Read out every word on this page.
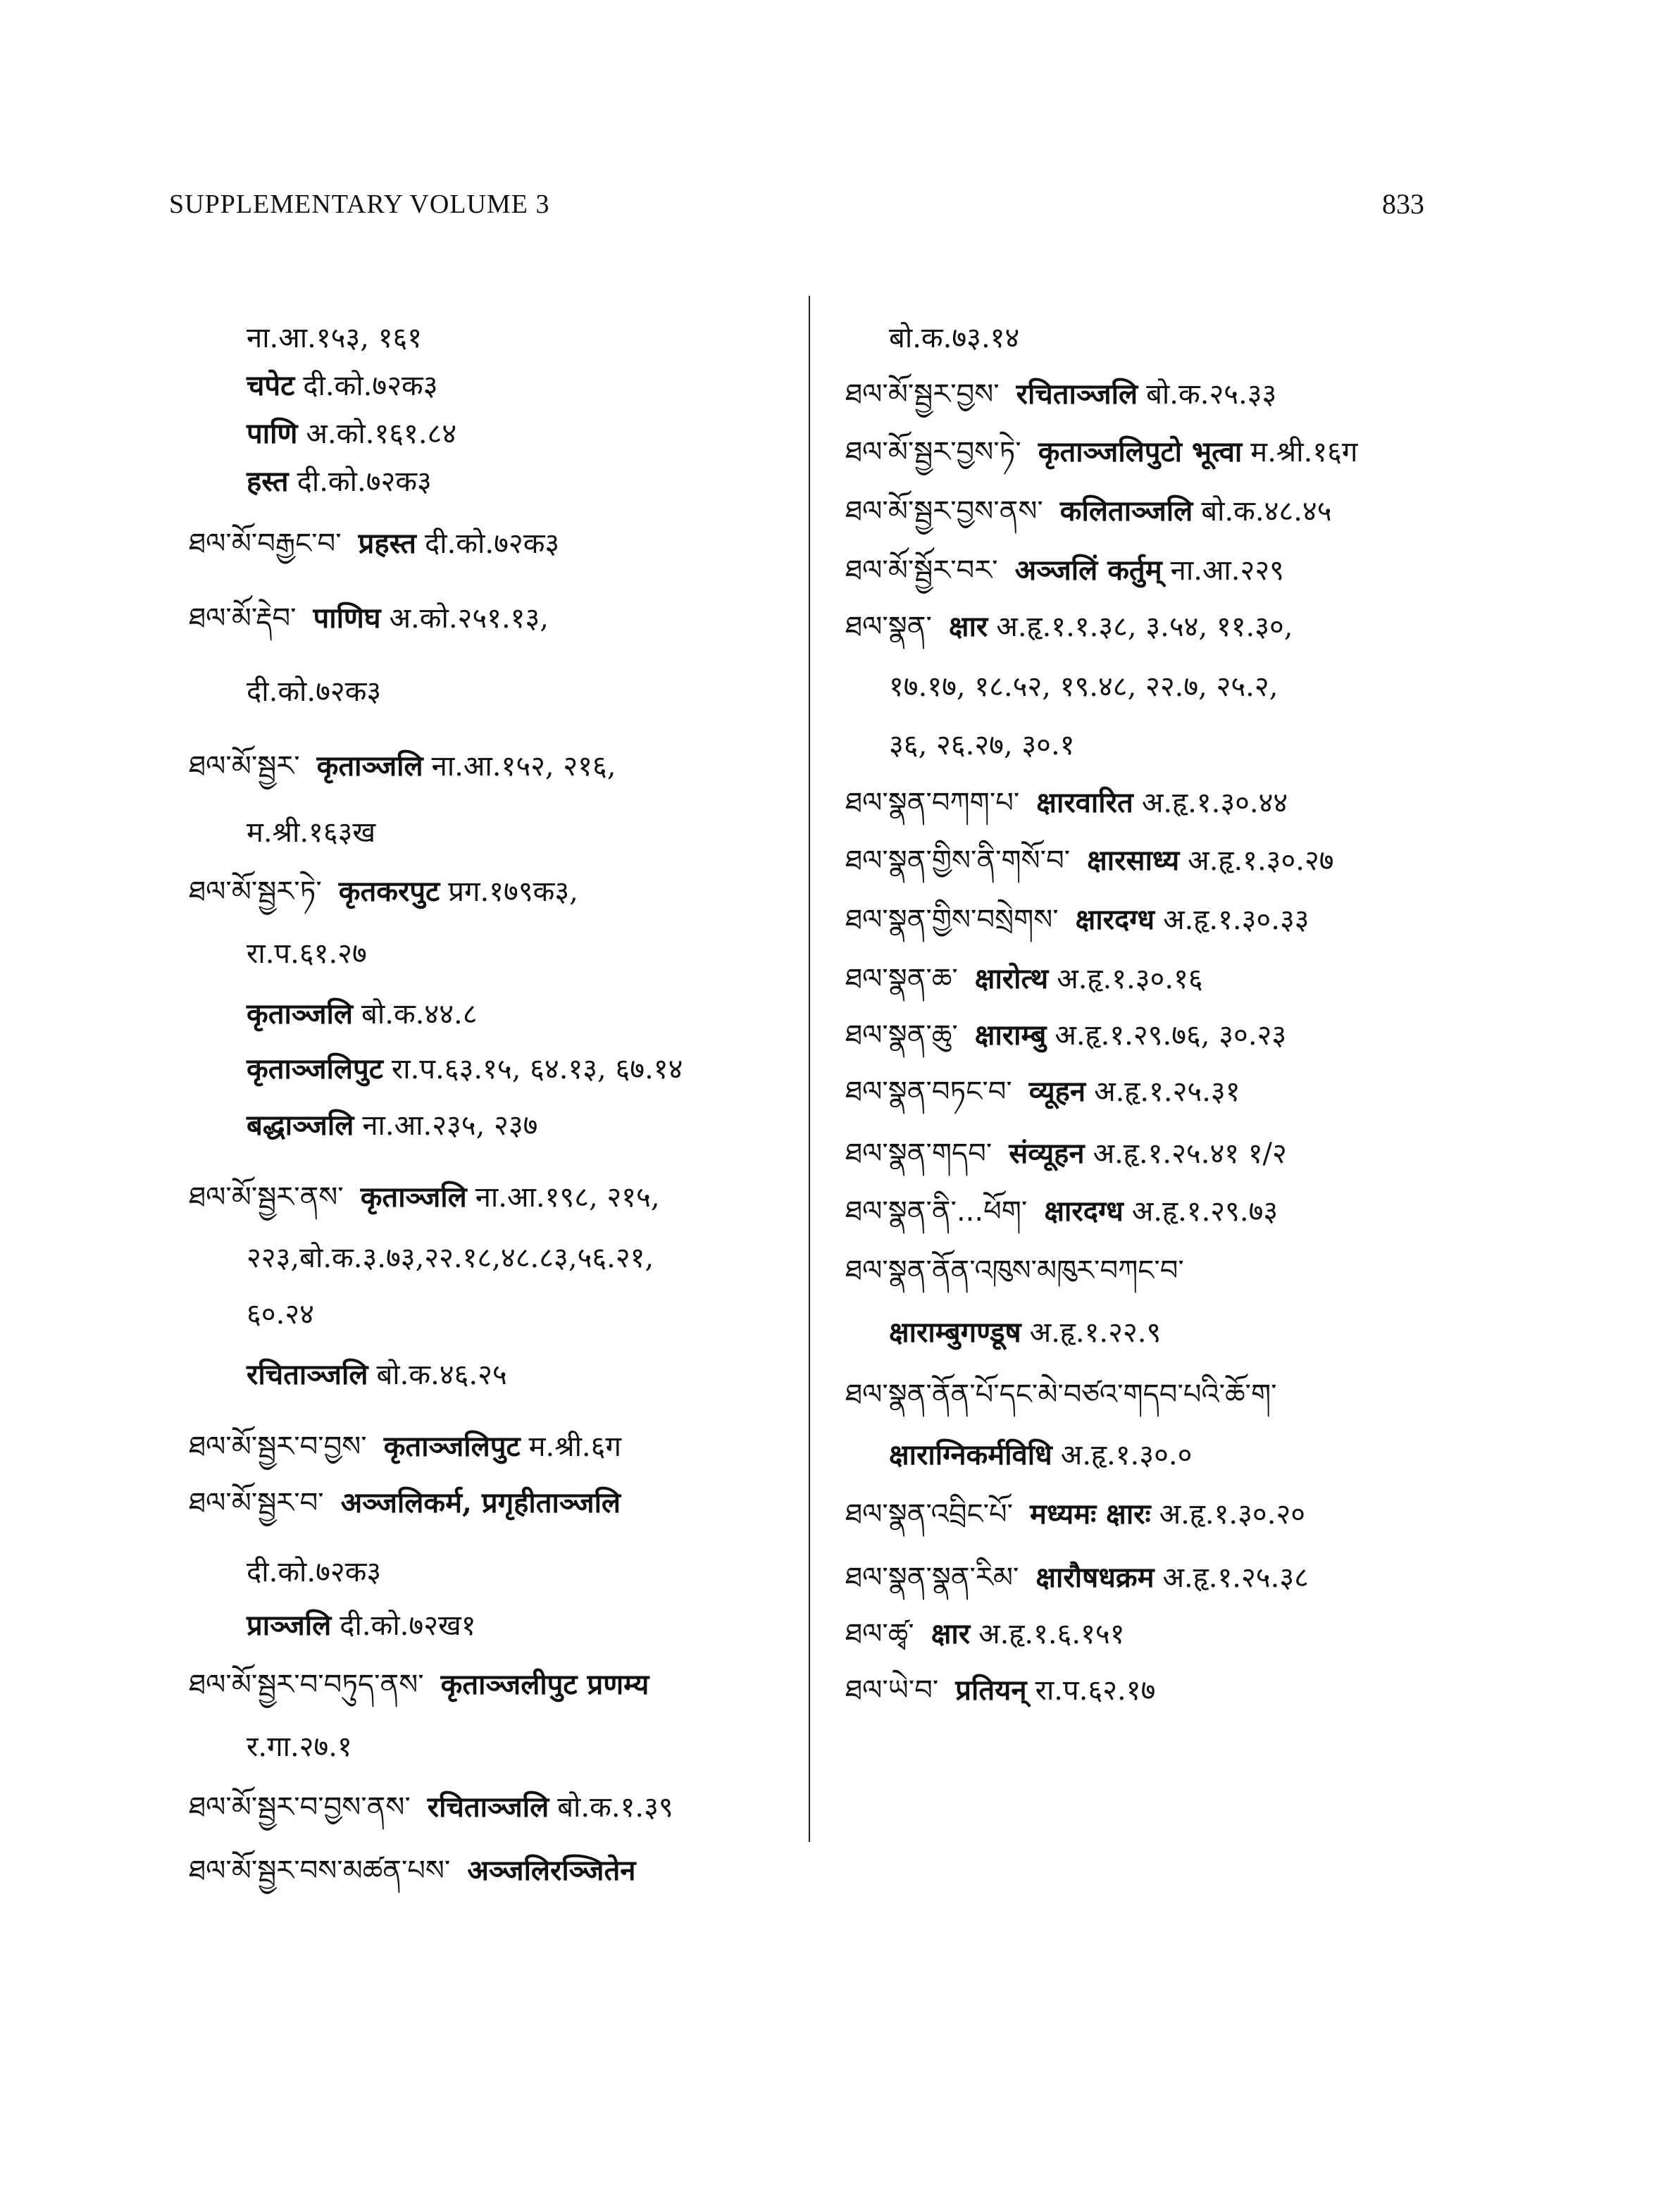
SUPPLEMENTARY VOLUME 3	833
ना.आ.१५३, १६१
चपेट दी.को.७२क३
पाणि अ.को.१६१.८४
हस्त दी.को.७२क३
ཐལ་མོ་བརྒྱང་བ་ प्रहस्त दी.को.७२क३
ཐལ་མོ་རྡེབ་ पाणिघ अ.को.२५१.१३,
दी.को.७२क३
ཐལ་མོ་སྦྱར་ कृताञ्जलि ना.आ.१५२, २१६,
म.श्री.१६३ख
ཐལ་མོ་སྦྱར་ཏེ་ कृतकरपुट प्रग.१७९क३,
रा.प.६१.२७
कृताञ्जलि बो.क.४४.८
कृताञ्जलिपुट रा.प.६३.१५, ६४.१३, ६७.१४
बद्धाञ्जलि ना.आ.२३५, २३७
ཐལ་མོ་སྦྱར་ནས་ कृताञ्जलि ना.आ.१९८, २१५,
२२३,बो.क.३.७३,२२.१८,४८.८३,५६.२१,
६०.२४
रचिताञ्जलि बो.क.४६.२५
ཐལ་མོ་སྦྱར་བ་བྱས་ कृताञ्जलिपुट म.श्री.६ग
ཐལ་མོ་སྦྱར་བ་ अञ्जलिकर्म, प्रगृहीताञ्जलि
दी.को.७२क३
प्राञ्जलि दी.को.७२ख१
ཐལ་མོ་སྦྱར་བ་བཏུད་ནས་ कृताञ्जलीपुट प्रणम्य
र.गा.२७.१
ཐལ་མོ་སྦྱར་བ་བྱས་ནས་ रचिताञ्जलि बो.क.१.३९
ཐལ་མོ་སྦྱར་བས་མཚན་པས་ अञ्जलिरञ्जितेन
बो.क.७३.१४
ཐལ་མོ་སྦྱར་བྱས་ रचिताञ्जलि बो.क.२५.३३
ཐལ་མོ་སྦྱར་བྱས་ཏེ་ कृताञ्जलिपुटो भूत्वा म.श्री.१६ग
ཐལ་མོ་སྦྱར་བྱས་ནས་ कलिताञ्जलि बो.क.४८.४५
ཐལ་མོ་སྦྱོར་བར་ अञ्जलिं कर्तुम् ना.आ.२२९
ཐལ་སྣན་ क्षार अ.हृ.१.१.३८, ३.५४, ११.३०,
१७.१७, १८.५२, १९.४८, २२.७, २५.२,
३६, २६.२७, ३०.१
ཐལ་སྣན་བཀག་པ་ क्षारवारित अ.हृ.१.३०.४४
ཐལ་སྣན་གྱིས་ནི་གསོ་བ་ क्षारसाध्य अ.हृ.१.३०.२७
ཐལ་སྣན་གྱིས་བསྲེགས་ क्षारदग्ध अ.हृ.१.३०.३३
ཐལ་སྣན་ཆ་ क्षारोत्थ अ.हृ.१.३०.१६
ཐལ་སྣན་ཆུ་ क्षाराम्बु अ.हृ.१.२९.७६, ३०.२३
ཐལ་སྣན་བཏང་བ་ व्यूहन अ.हृ.१.२५.३१
ཐལ་སྣན་གདབ་ संव्यूहन अ.हृ.१.२५.४१ १/२
ཐལ་སྣན་ནི་...ཕོག་ क्षारदग्ध अ.हृ.१.२९.७३
ཐལ་སྣན་ནོན་འཁུས་མཁུར་བཀང་བ་
क्षाराम्बुगण्डूष अ.हृ.१.२२.९
ཐལ་སྣན་ནོན་པོ་དང་མེ་བཙའ་གདབ་པའི་ཆོ་ག་
क्षाराग्निकर्मविधि अ.हृ.१.३०.०
ཐལ་སྣན་འབྲིང་པོ་ मध्यमः क्षारः अ.हृ.१.३०.२०
ཐལ་སྣན་སྣན་རིམ་ क्षारौषधक्रम अ.हृ.१.२५.३८
ཐལ་ཚྭ་ क्षार अ.हृ.१.६.१५१
ཐལ་ཡེ་བ་ प्रतियन् रा.प.६२.१७
